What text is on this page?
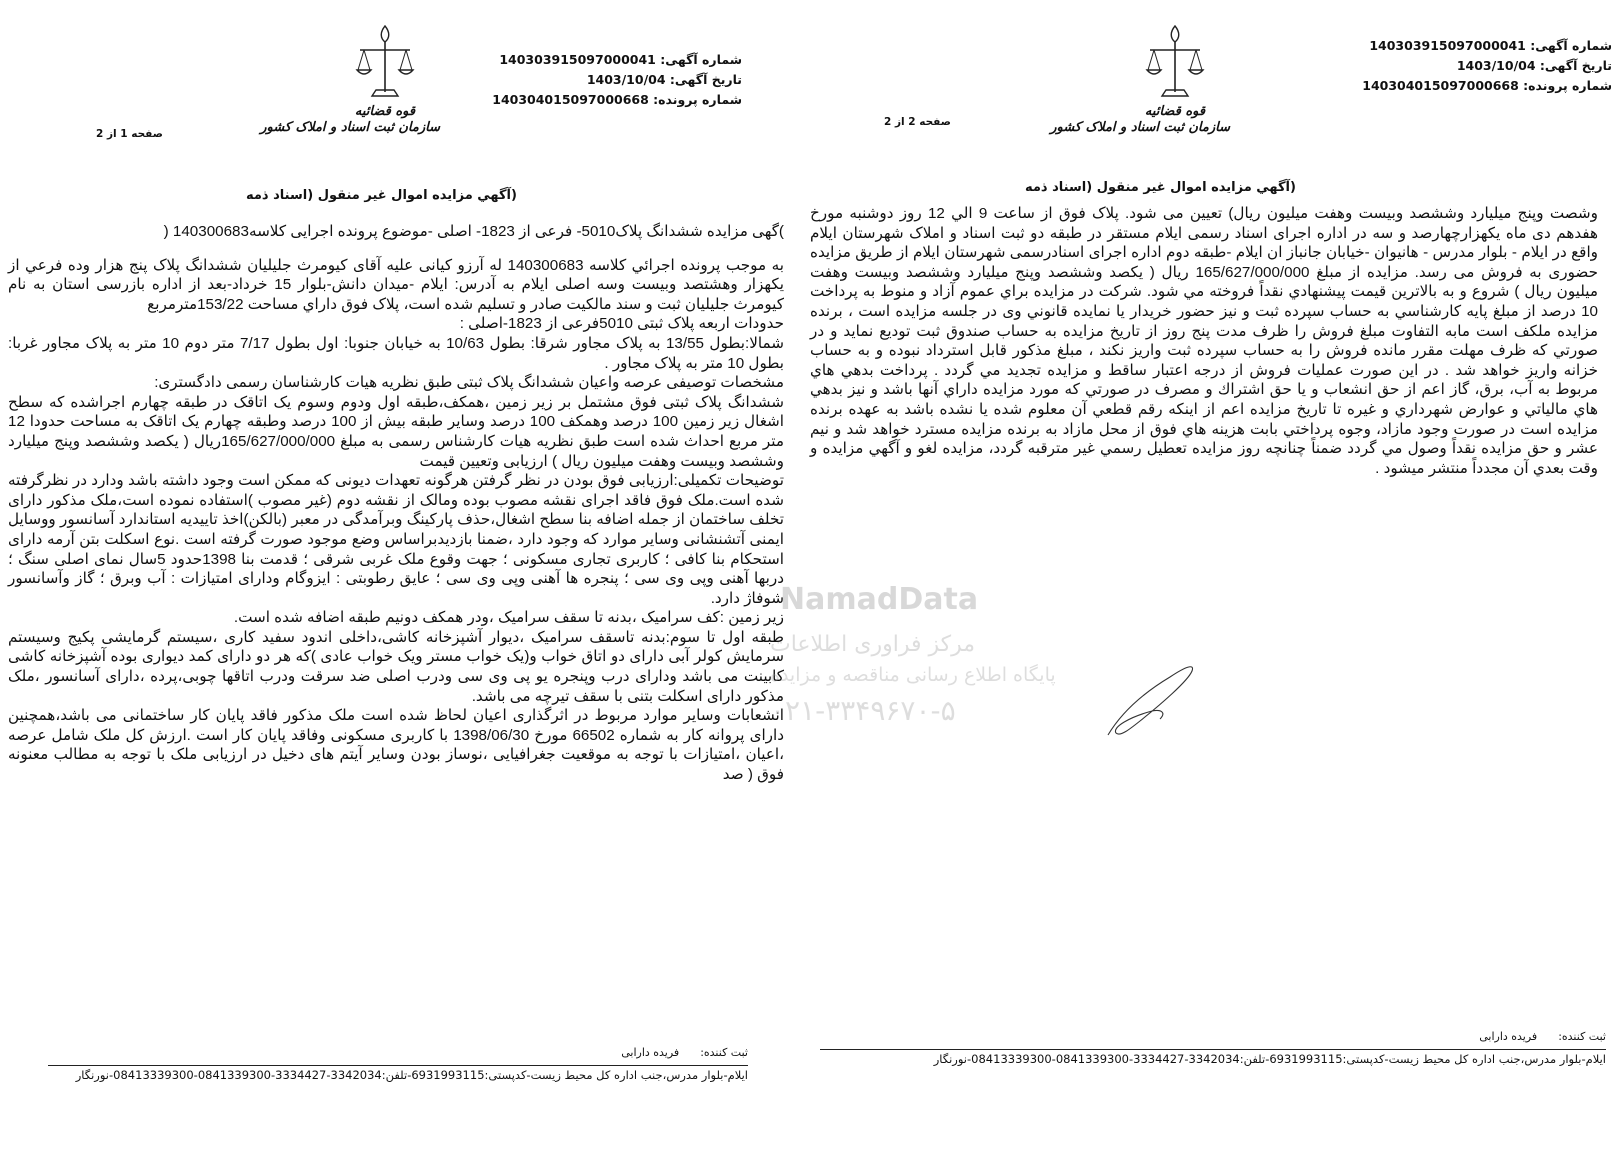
قوه قضائیه
سازمان ثبت اسناد و املاک کشور
شماره آگهی: 140303915097000041
تاریخ آگهی: 1403/10/04
شماره پرونده: 140304015097000668
صفحه 1 از 2
(آگهي مزايده اموال غير منقول (اسناد ذمه

)گهی مزایده ششدانگ پلاک5010- فرعی از 1823- اصلی -موضوع پرونده اجرایی کلاسه140300683 (

به موجب پرونده اجرائي کلاسه 140300683 له آرزو کیانی علیه آقای کیومرث جلیلیان ششدانگ پلاک پنج هزار وده فرعي از يکهزار وهشتصد وبيست وسه اصلی ایلام به آدرس: ایلام -میدان دانش-بلوار 15 خرداد-بعد از اداره بازرسی استان به نام کیومرث جلیلیان ثبت و سند مالکیت صادر و تسلیم شده است، پلاک فوق داراي مساحت 153/22مترمربع

حدودات اربعه پلاک ثبتی 5010فرعی از 1823-اصلی :

شمالا:بطول 13/55 به پلاک مجاور شرقا: بطول 10/63 به خیابان جنوبا: اول بطول 7/17 متر دوم 10 متر به پلاک مجاور غربا: بطول 10 متر به پلاک مجاور .

مشخصات توصیفی عرصه واعیان ششدانگ پلاک ثبتی طبق نظریه هیات کارشناسان رسمی دادگستری:

ششدانگ پلاک ثبتی فوق مشتمل بر زیر زمین ،همکف،طبقه اول ودوم وسوم یک اتاقک در طبقه چهارم اجراشده که سطح اشغال زیر زمین 100 درصد وهمکف 100 درصد وسایر طبقه بیش از 100 درصد وطبقه چهارم یک اتاقک به مساحت حدودا 12 متر مربع احداث شده است طبق نظریه هیات کارشناس رسمی به مبلغ 165/627/000/000ریال ( یکصد وششصد وپنج میلیارد وششصد وبیست وهفت میلیون ریال ) ارزیابی وتعیین قیمت

توضیحات تکمیلی:ارزیابی فوق بودن در نظر گرفتن هرگونه تعهدات دیونی که ممکن است وجود داشته باشد ودارد در نظرگرفته شده است.ملک فوق فاقد اجرای نقشه مصوب بوده ومالک از نقشه دوم (غیر مصوب )استفاده نموده است،ملک مذکور دارای تخلف ساختمان از جمله اضافه بنا سطح اشغال،حذف پارکینگ وبرآمدگی در معبر (بالکن)اخذ تاییدیه استاندارد آسانسور ووسایل ایمنی آتشنشانی وسایر موارد که وجود دارد ،ضمنا بازدیدبراساس وضع موجود صورت گرفته است .نوع اسکلت بتن آرمه دارای استحکام بنا کافی ؛ کاربری تجاری مسکونی ؛ جهت وقوع ملک غربی شرقی ؛ قدمت بنا 1398حدود 5سال نمای اصلی سنگ ؛ دربها آهنی وپی وی سی ؛ پنجره ها آهنی وپی وی سی ؛ عایق رطوبتی : ایزوگام ودارای امتیازات : آب وبرق ؛ گاز وآسانسور شوفاژ دارد.

زیر زمین :کف سرامیک ،بدنه تا سقف سرامیک ،ودر همکف دونیم طبقه اضافه شده است.

طبقه اول تا سوم:بدنه تاسقف سرامیک ،دیوار آشپزخانه کاشی،داخلی اندود سفید کاری ،سیستم گرمایشی پکیج وسیستم سرمایش کولر آبی دارای دو اتاق خواب و(یک خواب مستر ویک خواب عادی )که هر دو دارای کمد دیواری بوده آشپزخانه کاشی کابینت می باشد ودارای درب وپنجره یو پی وی سی ودرب اصلی ضد سرقت ودرب اتاقها چوبی،پرده ،دارای آسانسور ،ملک مذکور دارای اسکلت بتنی با سقف تیرچه می باشد.

انشعابات وسایر موارد مربوط در اثرگذاری اعیان لحاظ شده است ملک مذکور فاقد پایان کار ساختمانی می باشد،همچنین دارای پروانه کار به شماره 66502 مورخ 1398/06/30 با کاربری مسکونی وفاقد پایان کار است .ارزش کل ملک شامل عرصه ،اعیان ،امتیازات با توجه به موقعیت جغرافیایی ،نوساز بودن وسایر آیتم های دخیل در ارزیابی ملک با توجه به مطالب معنونه فوق ( صد

ثبت کننده:      فریده دارابی
ایلام-بلوار مدرس،جنب اداره کل محیط زیست-کدپستی:6931993115-تلفن:3342034-3334427-0841339300-08413339300-نورنگار
قوه قضائیه
سازمان ثبت اسناد و املاک کشور
شماره آگهی: 140303915097000041
تاریخ آگهی: 1403/10/04
شماره پرونده: 140304015097000668
صفحه 2 از 2
(آگهي مزايده اموال غير منقول (اسناد ذمه

وشصت وپنج میلیارد وششصد وبیست وهفت میلیون ریال) تعیین می شود. پلاک فوق از ساعت 9 الي 12 روز دوشنبه مورخ هفدهم دی ماه یکهزارچهارصد و سه در اداره اجرای اسناد رسمی ایلام مستقر در طبقه دو ثبت اسناد و املاک شهرستان ایلام واقع در ایلام - بلوار مدرس - هانیوان -خیابان جانباز ان ایلام -طبقه دوم اداره اجرای اسنادرسمی شهرستان ایلام از طریق مزایده حضوری به فروش می رسد. مزایده از مبلغ 165/627/000/000 ریال ( یکصد وششصد وپنج میلیارد وششصد وبیست وهفت میلیون ریال ) شروع و به بالاترين قيمت پيشنهادي نقداً فروخته مي شود. شركت در مزايده براي عموم آزاد و منوط به پرداخت 10 درصد از مبلغ پايه كارشناسي به حساب سپرده ثبت و نيز حضور خريدار يا نمايده قانوني وی در جلسه مزايده است ، برنده مزايده ملكف است مابه التفاوت مبلغ فروش را ظرف مدت پنج روز از تاريخ مزايده به حساب صندوق ثبت توديع نمايد و در صورتي كه ظرف مهلت مقرر مانده فروش را به حساب سپرده ثبت واريز نكند ، مبلغ مذكور قابل استرداد نبوده و به حساب خزانه واريز خواهد شد . در اين صورت عمليات فروش از درجه اعتبار ساقط و مزايده تجديد مي گردد . پرداخت بدهي هاي مربوط به آب، برق، گاز اعم از حق انشعاب و يا حق اشتراك و مصرف در صورتي كه مورد مزايده داراي آنها باشد و نيز بدهي هاي مالياتي و عوارض شهرداري و غيره تا تاريخ مزايده اعم از اينكه رقم قطعي آن معلوم شده يا نشده باشد به عهده برنده مزايده است در صورت وجود مازاد، وجوه پرداختي بابت هزينه هاي فوق از محل مازاد به برنده مزايده مسترد خواهد شد و نيم عشر و حق مزايده نقداً وصول مي گردد ضمناً چنانچه روز مزايده تعطيل رسمي غير مترقبه گردد، مزايده لغو و آگهي مزايده و وقت بعدي آن مجدداً منتشر ميشود .

ثبت کننده:      فریده دارابی
ایلام-بلوار مدرس،جنب اداره کل محیط زیست-کدپستی:6931993115-تلفن:3342034-3334427-0841339300-08413339300-نورنگار
مرکز فراوری اطلاعات
NamadData
پایگاه اطلاع رسانی مناقصه و مزایده
۰۲۱-۳۳۴۹۶۷۰-۵
